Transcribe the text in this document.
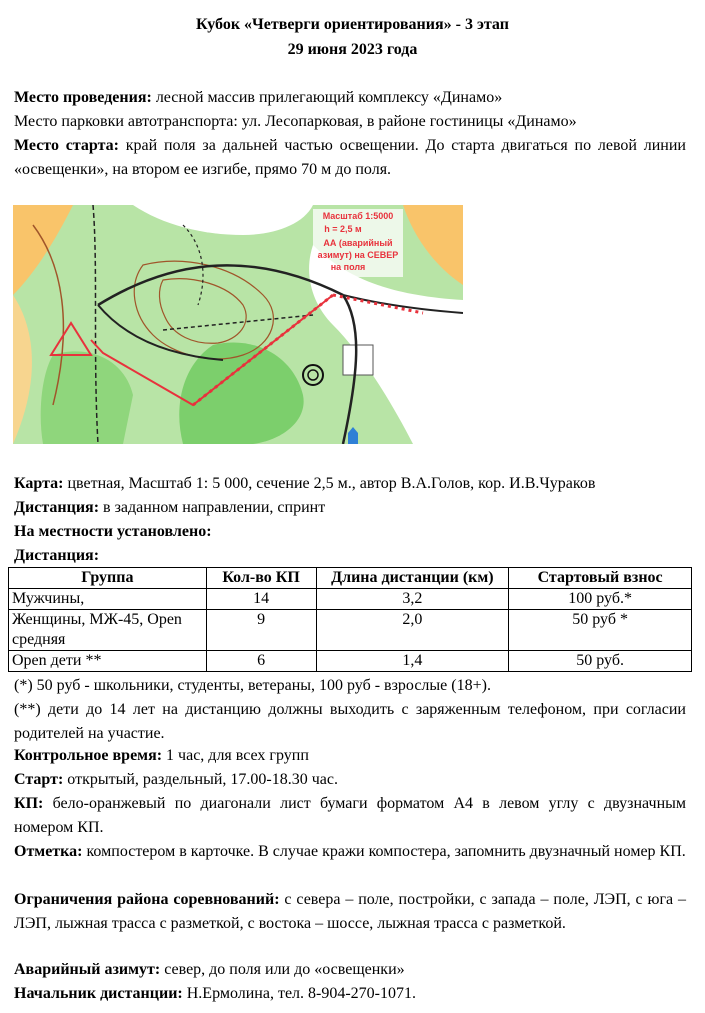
Кубок «Четверги ориентирования» - 3 этап
29 июня 2023 года
Место проведения: лесной массив прилегающий комплексу «Динамо»
Место парковки автотранспорта: ул. Лесопарковая, в районе гостиницы «Динамо»
Место старта: край поля за дальней частью освещении. До старта двигаться по левой линии «освещенки», на втором ее изгибе, прямо 70 м до поля.
Масштаб 1:5000
h = 2,5 м
АА (аварийный
азимут) на СЕВЕР
на поля
Карта: цветная, Масштаб 1: 5 000, сечение 2,5 м., автор В.А.Голов, кор. И.В.Чураков
Дистанция: в заданном направлении, спринт
На местности установлено:
Дистанция:
Группа	Кол-во КП	Длина дистанции (км)	Стартовый взнос
Мужчины,	14	3,2	100 руб.*
Женщины, МЖ-45, Open средняя	9	2,0	50 руб *
Open дети **	6	1,4	50 руб.
(*) 50 руб - школьники, студенты, ветераны, 100 руб - взрослые (18+).
(**) дети до 14 лет на дистанцию должны выходить с заряженным телефоном, при согласии родителей на участие.
Контрольное время: 1 час, для всех групп
Старт: открытый, раздельный, 17.00-18.30 час.
КП: бело-оранжевый по диагонали лист бумаги форматом А4 в левом углу с двузначным номером КП.
Отметка: компостером в карточке. В случае кражи компостера, запомнить двузначный номер КП.
Ограничения района соревнований: с севера – поле, постройки, с запада – поле, ЛЭП, с юга – ЛЭП, лыжная трасса с разметкой, с востока – шоссе, лыжная трасса с разметкой.
Аварийный азимут: север, до поля или до «освещенки»
Начальник дистанции: Н.Ермолина, тел. 8-904-270-1071.
